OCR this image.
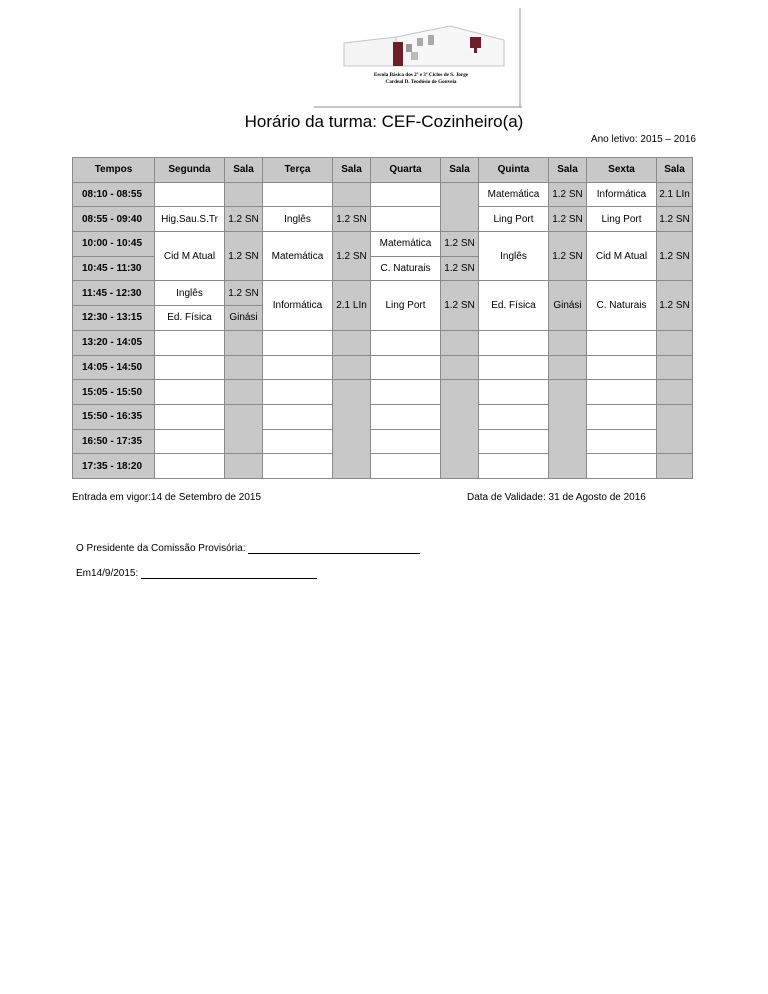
Escola Básica dos 2º e 3º Ciclos de S. Jorge
Cardeal D. Teodósio de Gouveia
Horário da turma: CEF-Cozinheiro(a)
Ano letivo: 2015 – 2016
Tempos	Segunda	Sala	Terça	Sala	Quarta	Sala	Quinta	Sala	Sexta	Sala
08:10 - 08:55							Matemática	1.2 SN	Informática	2.1 LIn
08:55 - 09:40	Hig.Sau.S.Tr	1.2 SN	Inglês	1.2 SN			Ling Port	1.2 SN	Ling Port	1.2 SN
10:00 - 10:45	Cid M Atual	1.2 SN	Matemática	1.2 SN	Matemática	1.2 SN	Inglês	1.2 SN	Cid M Atual	1.2 SN
10:45 - 11:30					C. Naturais	1.2 SN				
11:45 - 12:30	Inglês	1.2 SN	Informática	2.1 LIn	Ling Port	1.2 SN	Ed. Física	Ginási	C. Naturais	1.2 SN
12:30 - 13:15	Ed. Física	Ginási								
13:20 - 14:05										
14:05 - 14:50										
15:05 - 15:50										
15:50 - 16:35										
16:50 - 17:35										
17:35 - 18:20										
Entrada em vigor:14 de Setembro de 2015	Data de Validade: 31 de Agosto de 2016
O Presidente da Comissão Provisória:
Em14/9/2015:
